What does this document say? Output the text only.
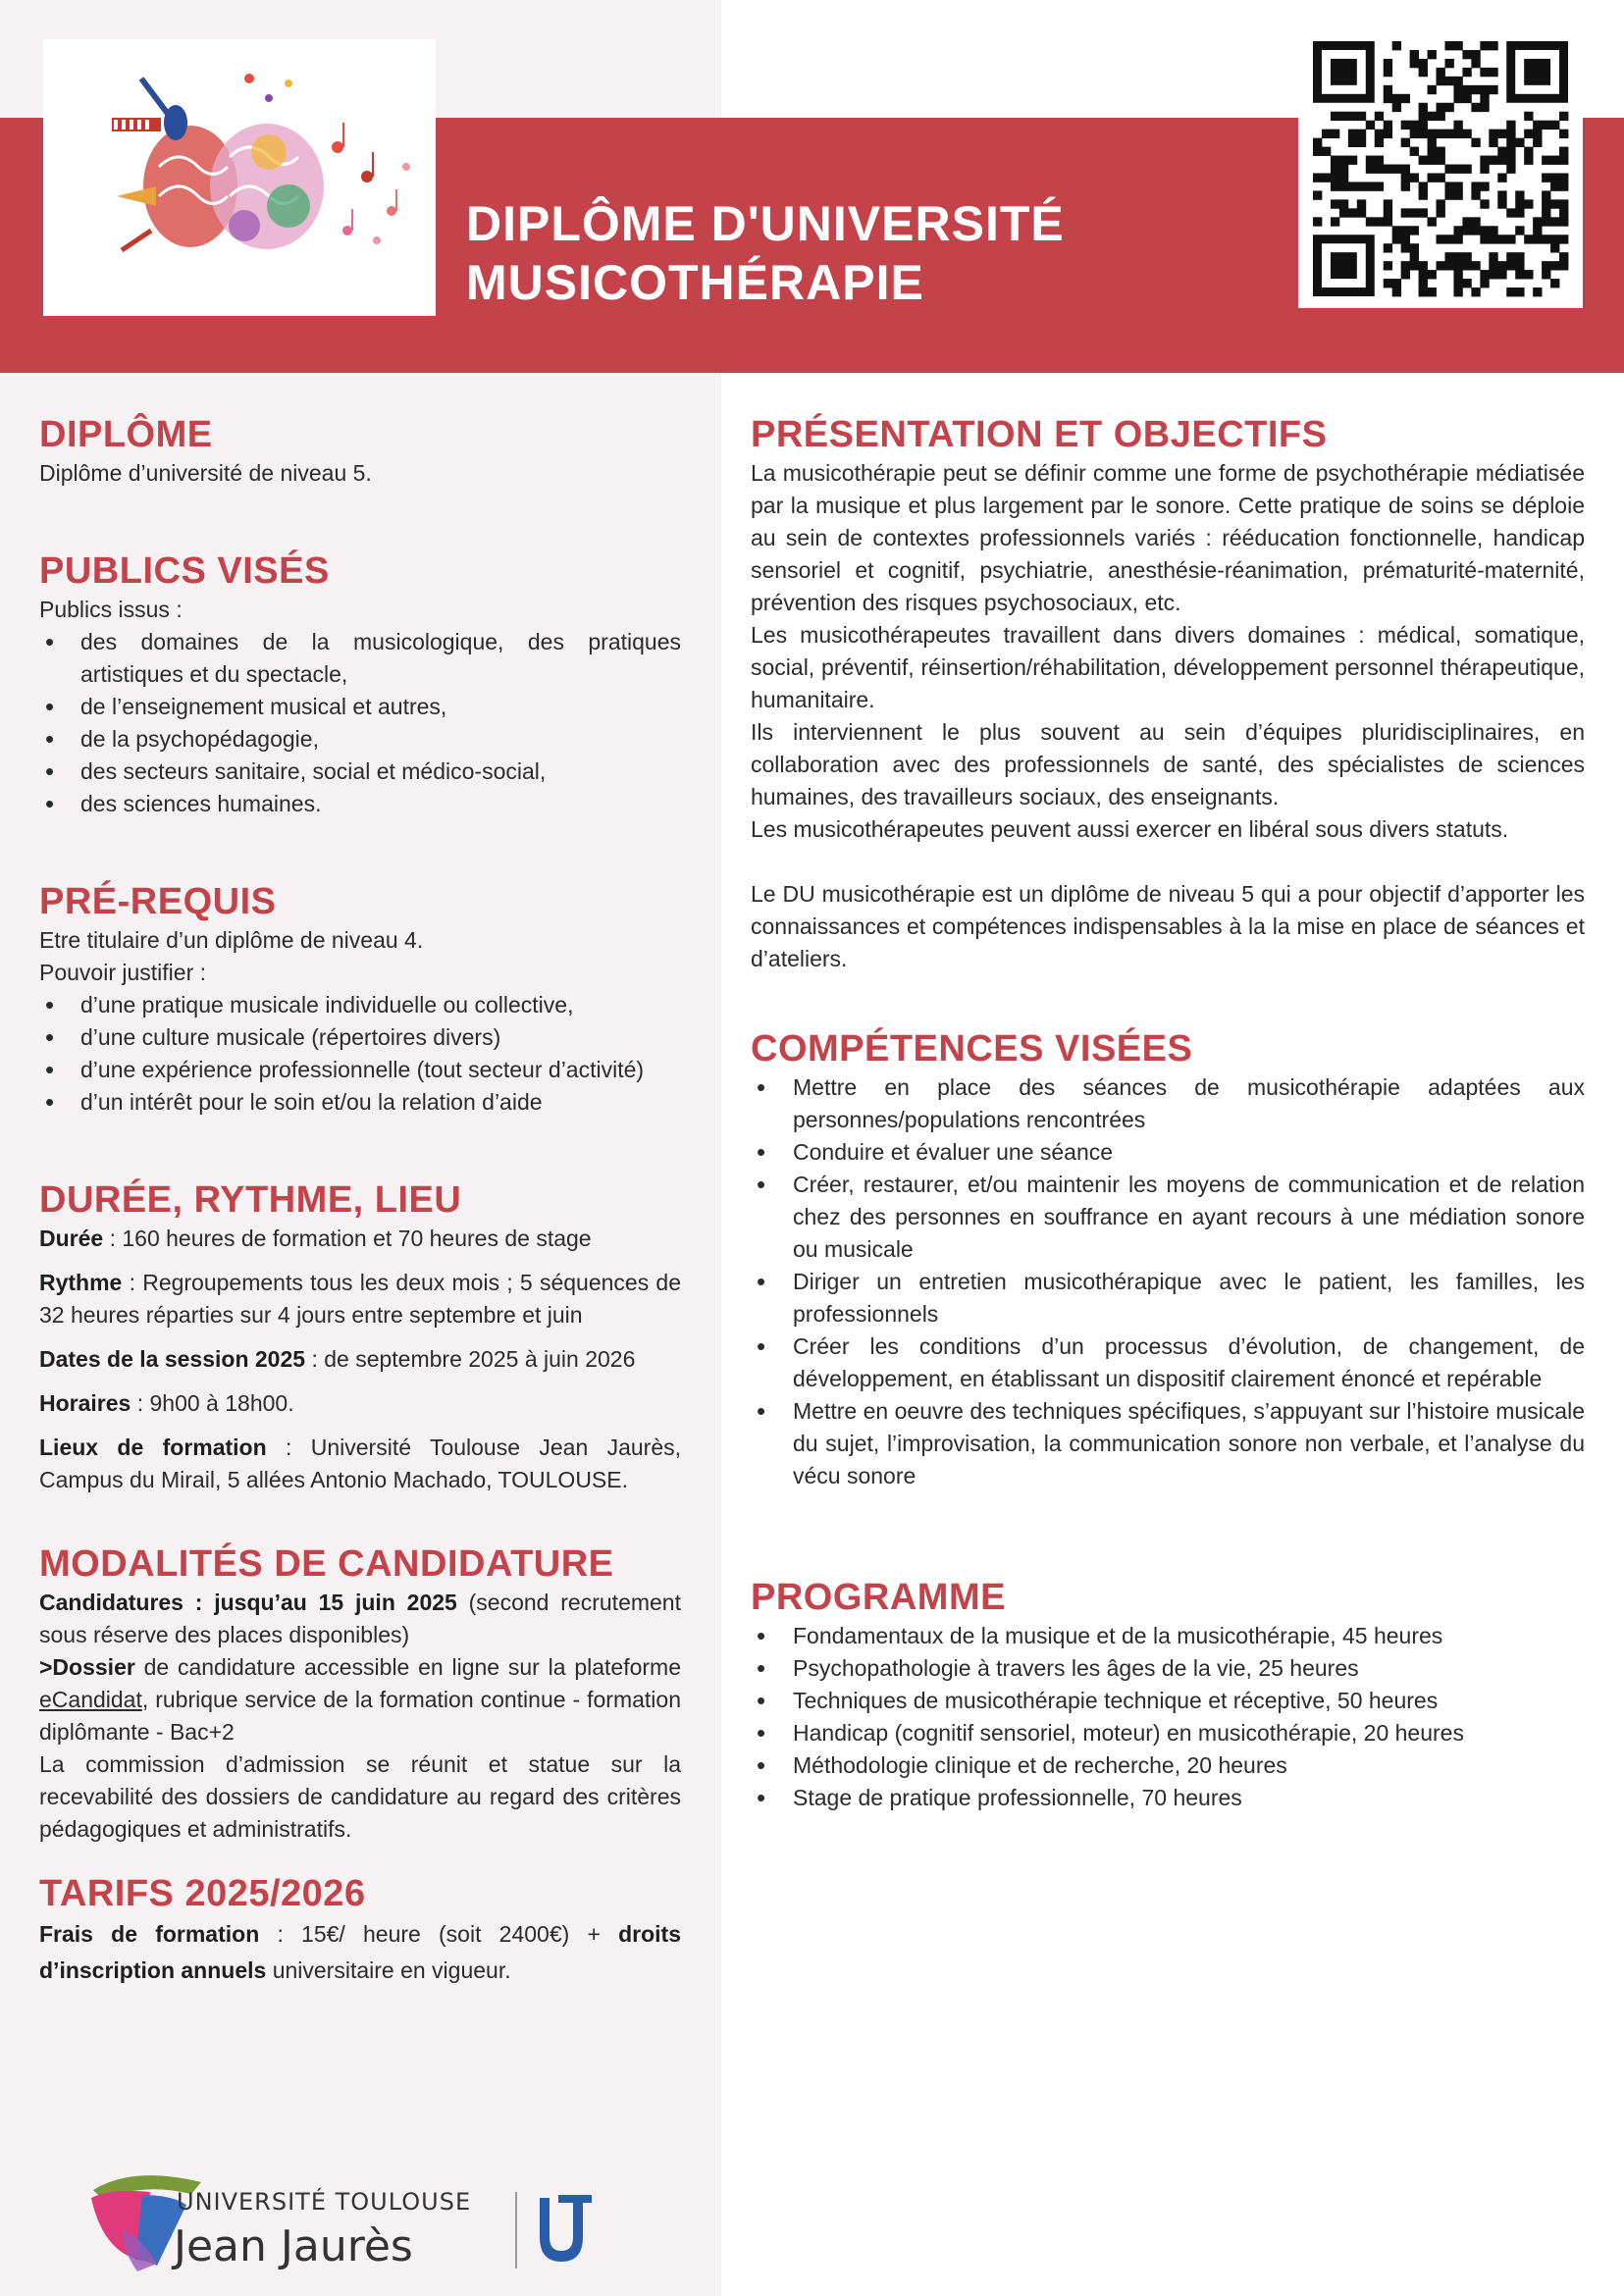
DIPLÔME D'UNIVERSITÉ
MUSICOTHÉRAPIE
DIPLÔME

Diplôme d’université de niveau 5.

PUBLICS VISÉS

Publics issus :

• des domaines de la musicologique, des pratiques artistiques et du spectacle,
• de l’enseignement musical et autres,
• de la psychopédagogie,
• des secteurs sanitaire, social et médico-social,
• des sciences humaines.
PRÉ-REQUIS

Etre titulaire d’un diplôme de niveau 4.

Pouvoir justifier :

• d’une pratique musicale individuelle ou collective,
• d’une culture musicale (répertoires divers)
• d’une expérience professionnelle (tout secteur d’activité)
• d’un intérêt pour le soin et/ou la relation d’aide
DURÉE, RYTHME, LIEU

Durée : 160 heures de formation et 70 heures de stage

Rythme : Regroupements tous les deux mois ; 5 séquences de 32 heures réparties sur 4 jours entre septembre et juin

Dates de la session 2025 : de septembre 2025 à juin 2026

Horaires : 9h00 à 18h00.

Lieux de formation : Université Toulouse Jean Jaurès, Campus du Mirail, 5 allées Antonio Machado, TOULOUSE.

MODALITÉS DE CANDIDATURE

Candidatures : jusqu’au 15 juin 2025 (second recrutement sous réserve des places disponibles)

>Dossier de candidature accessible en ligne sur la plateforme eCandidat, rubrique service de la formation continue - formation diplômante - Bac+2

La commission d’admission se réunit et statue sur la recevabilité des dossiers de candidature au regard des critères pédagogiques et administratifs.

TARIFS 2025/2026

Frais de formation : 15€/ heure (soit 2400€) + droits d’inscription annuels universitaire en vigueur.

PRÉSENTATION ET OBJECTIFS

La musicothérapie peut se définir comme une forme de psychothérapie médiatisée par la musique et plus largement par le sonore. Cette pratique de soins se déploie au sein de contextes professionnels variés : rééducation fonctionnelle, handicap sensoriel et cognitif, psychiatrie, anesthésie-réanimation, prématurité-maternité, prévention des risques psychosociaux, etc.

Les musicothérapeutes travaillent dans divers domaines : médical, somatique, social, préventif, réinsertion/réhabilitation, développement personnel thérapeutique, humanitaire.

Ils interviennent le plus souvent au sein d’équipes pluridisciplinaires, en collaboration avec des professionnels de santé, des spécialistes de sciences humaines, des travailleurs sociaux, des enseignants.

Les musicothérapeutes peuvent aussi exercer en libéral sous divers statuts.

Le DU musicothérapie est un diplôme de niveau 5 qui a pour objectif d’apporter les connaissances et compétences indispensables à la la mise en place de séances et d’ateliers.

COMPÉTENCES VISÉES
• Mettre en place des séances de musicothérapie adaptées aux personnes/populations rencontrées
• Conduire et évaluer une séance
• Créer, restaurer, et/ou maintenir les moyens de communication et de relation chez des personnes en souffrance en ayant recours à une médiation sonore ou musicale
• Diriger un entretien musicothérapique avec le patient, les familles, les professionnels
• Créer les conditions d’un processus d’évolution, de changement, de développement, en établissant un dispositif clairement énoncé et repérable
• Mettre en oeuvre des techniques spécifiques, s’appuyant sur l’histoire musicale du sujet, l’improvisation, la communication sonore non verbale, et l’analyse du vécu sonore
PROGRAMME
• Fondamentaux de la musique et de la musicothérapie, 45 heures
• Psychopathologie à travers les âges de la vie, 25 heures
• Techniques de musicothérapie technique et réceptive, 50 heures
• Handicap (cognitif sensoriel, moteur) en musicothérapie, 20 heures
• Méthodologie clinique et de recherche, 20 heures
• Stage de pratique professionnelle, 70 heures
UNIVERSITÉ TOULOUSE
Jean Jaurès
